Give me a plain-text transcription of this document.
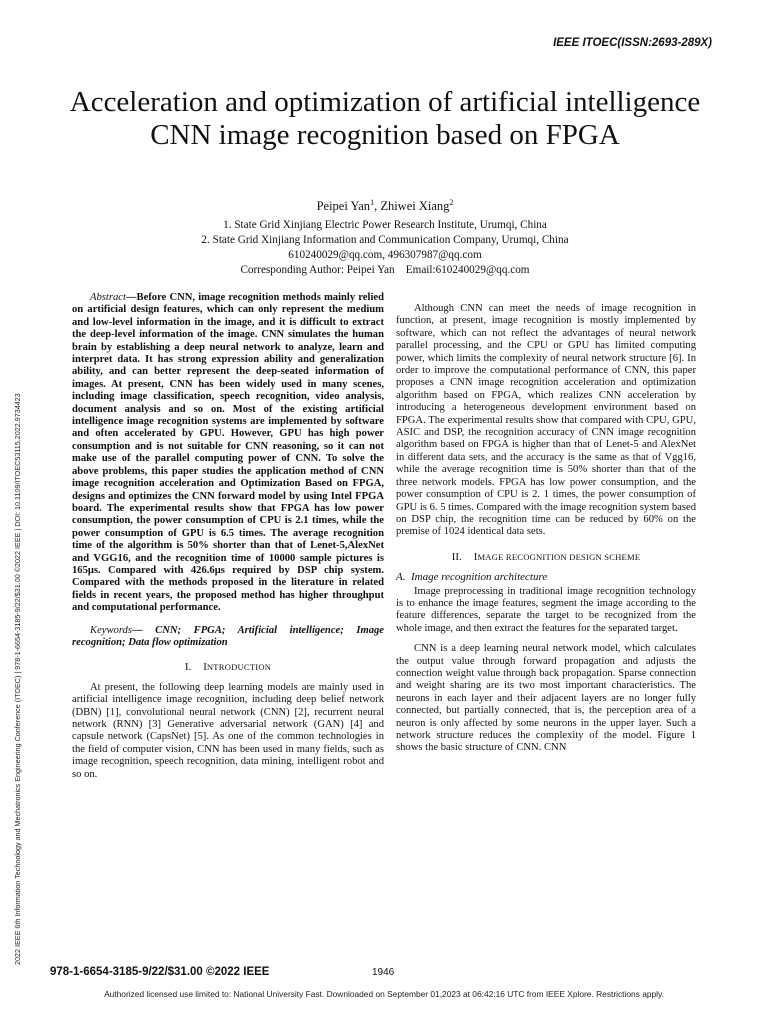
IEEE ITOEC(ISSN:2693-289X)
Acceleration and optimization of artificial intelligence CNN image recognition based on FPGA
Peipei Yan$^1$, Zhiwei Xiang$^2$
1. State Grid Xinjiang Electric Power Research Institute, Urumqi, China
2. State Grid Xinjiang Information and Communication Company, Urumqi, China
610240029@qq.com, 496307987@qq.com
Corresponding Author: Peipei Yan    Email:610240029@qq.com
2022 IEEE 6th Information Technology and Mechatronics Engineering Conference (ITOEC) | 978-1-6654-3185-9/22/$31.00 ©2022 IEEE | DOI: 10.1109/ITOEC53115.2022.9734423

Abstract—Before CNN, image recognition methods mainly relied on artificial design features, which can only represent the medium and low-level information in the image, and it is difficult to extract the deep-level information of the image. CNN simulates the human brain by establishing a deep neural network to analyze, learn and interpret data. It has strong expression ability and generalization ability, and can better represent the deep-seated information of images. At present, CNN has been widely used in many scenes, including image classification, speech recognition, video analysis, document analysis and so on. Most of the existing artificial intelligence image recognition systems are implemented by software and often accelerated by GPU. However, GPU has high power consumption and is not suitable for CNN reasoning, so it can not make use of the parallel computing power of CNN. To solve the above problems, this paper studies the application method of CNN image recognition acceleration and Optimization Based on FPGA, designs and optimizes the CNN forward model by using Intel FPGA board. The experimental results show that FPGA has low power consumption, the power consumption of CPU is 2.1 times, while the power consumption of GPU is 6.5 times. The average recognition time of the algorithm is 50% shorter than that of Lenet-5,AlexNet and VGG16, and the recognition time of 10000 sample pictures is 165μs. Compared with 426.6μs required by DSP chip system. Compared with the methods proposed in the literature in related fields in recent years, the proposed method has higher throughput and computational performance.

Keywords— CNN; FPGA; Artificial intelligence; Image recognition; Data flow optimization

I. INTRODUCTION

At present, the following deep learning models are mainly used in artificial intelligence image recognition, including deep belief network (DBN) [1], convolutional neural network (CNN) [2], recurrent neural network (RNN) [3] Generative adversarial network (GAN) [4] and capsule network (CapsNet) [5]. As one of the common technologies in the field of computer vision, CNN has been used in many fields, such as image recognition, speech recognition, data mining, intelligent robot and so on.

Although CNN can meet the needs of image recognition in function, at present, image recognition is mostly implemented by software, which can not reflect the advantages of neural network parallel processing, and the CPU or GPU has limited computing power, which limits the complexity of neural network structure [6]. In order to improve the computational performance of CNN, this paper proposes a CNN image recognition acceleration and optimization algorithm based on FPGA, which realizes CNN acceleration by introducing a heterogeneous development environment based on FPGA. The experimental results show that compared with CPU, GPU, ASIC and DSP, the recognition accuracy of CNN image recognition algorithm based on FPGA is higher than that of Lenet-5 and AlexNet in different data sets, and the accuracy is the same as that of Vgg16, while the average recognition time is 50% shorter than that of the three network models. FPGA has low power consumption, and the power consumption of CPU is 2. 1 times, the power consumption of GPU is 6. 5 times. Compared with the image recognition system based on DSP chip, the recognition time can be reduced by 60% on the premise of 1024 identical data sets.

II. IMAGE RECOGNITION DESIGN SCHEME
A.  Image recognition architecture

Image preprocessing in traditional image recognition technology is to enhance the image features, segment the image according to the feature differences, separate the target to be recognized from the whole image, and then extract the features for the separated target.

CNN is a deep learning neural network model, which calculates the output value through forward propagation and adjusts the connection weight value through back propagation. Sparse connection and weight sharing are its two most important characteristics. The neurons in each layer and their adjacent layers are no longer fully connected, but partially connected, that is, the perception area of a neuron is only affected by some neurons in the upper layer. Such a network structure reduces the complexity of the model. Figure 1 shows the basic structure of CNN. CNN

978-1-6654-3185-9/22/$31.00 ©2022 IEEE	1946
Authorized licensed use limited to: National University Fast. Downloaded on September 01,2023 at 06:42:16 UTC from IEEE Xplore. Restrictions apply.
